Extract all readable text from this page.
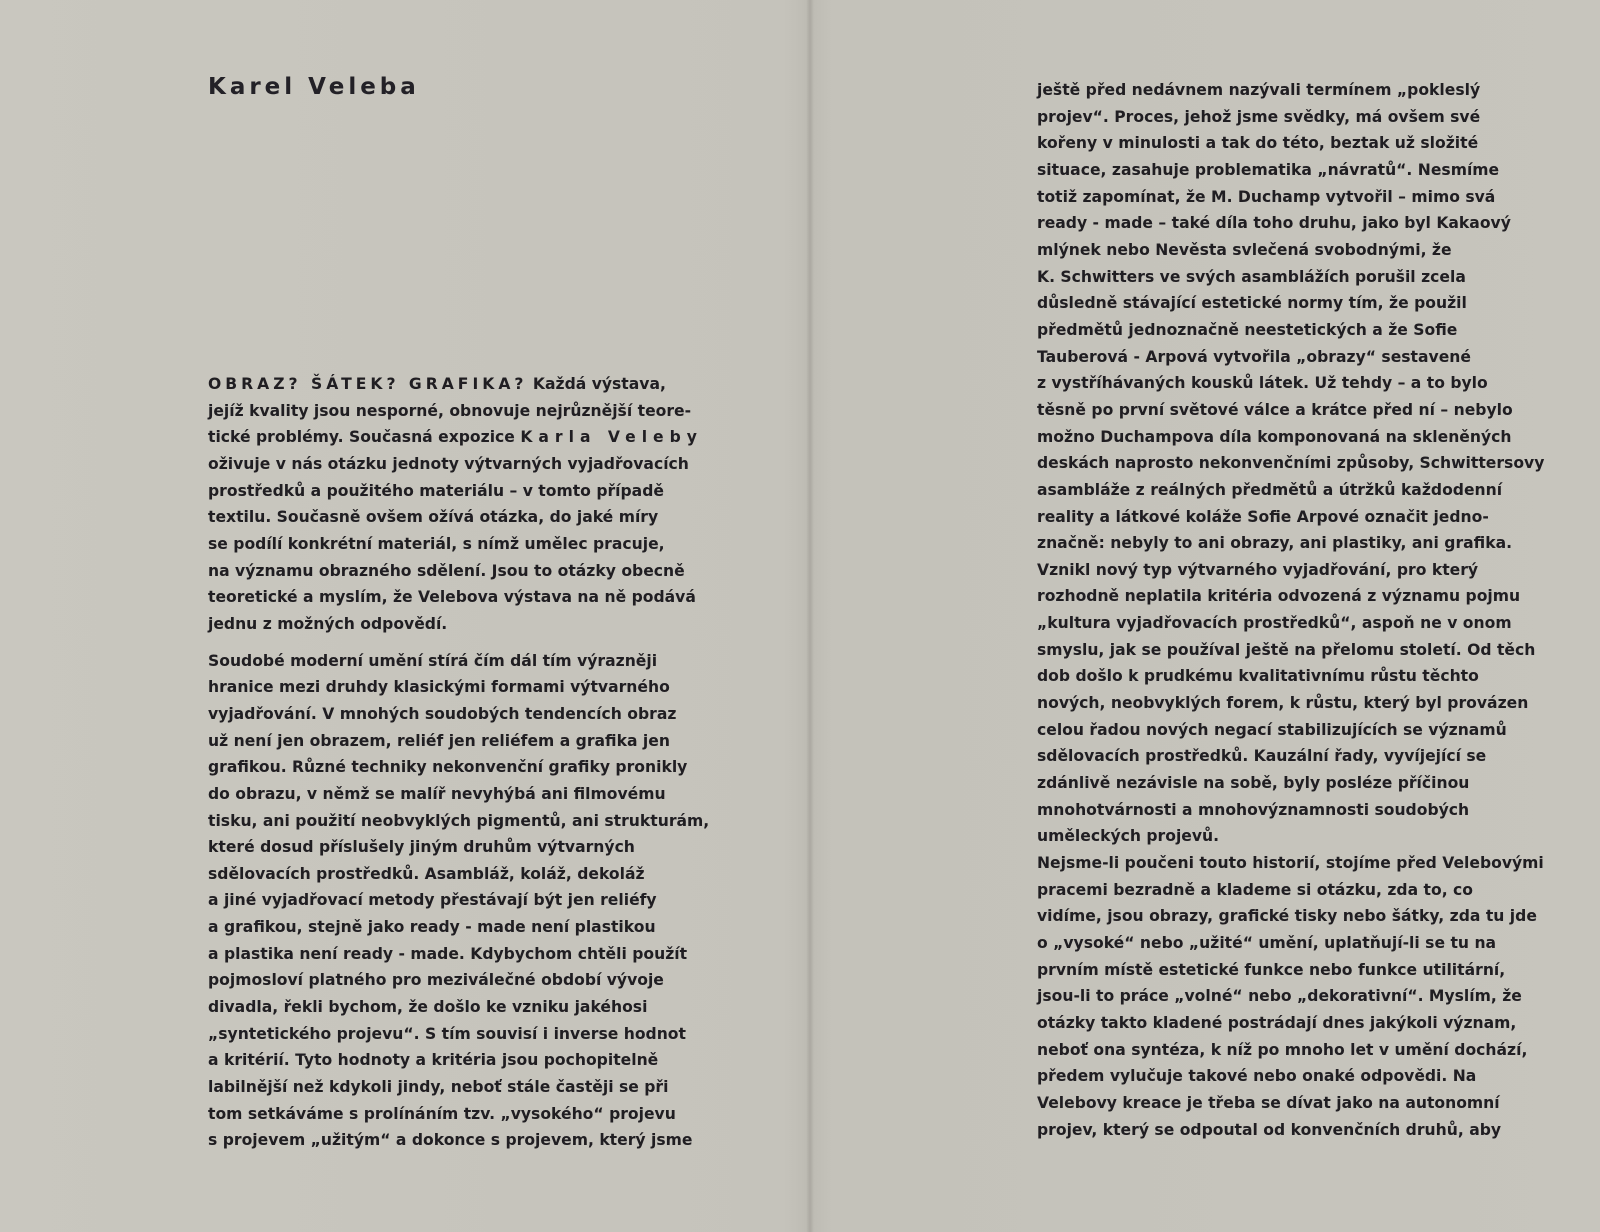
Karel Veleba

OBRAZ? ŠÁTEK? GRAFIKA? Každá výstava,
jejíž kvality jsou nesporné, obnovuje nejrůznější teore-
tické problémy. Současná expozice Karla Veleby
oživuje v nás otázku jednoty výtvarných vyjadřovacích
prostředků a použitého materiálu – v tomto případě
textilu. Současně ovšem ožívá otázka, do jaké míry
se podílí konkrétní materiál, s nímž umělec pracuje,
na významu obrazného sdělení. Jsou to otázky obecně
teoretické a myslím, že Velebova výstava na ně podává
jednu z možných odpovědí.

Soudobé moderní umění stírá čím dál tím výrazněji
hranice mezi druhdy klasickými formami výtvarného
vyjadřování. V mnohých soudobých tendencích obraz
už není jen obrazem, reliéf jen reliéfem a grafika jen
grafikou. Různé techniky nekonvenční grafiky pronikly
do obrazu, v němž se malíř nevyhýbá ani filmovému
tisku, ani použití neobvyklých pigmentů, ani strukturám,
které dosud příslušely jiným druhům výtvarných
sdělovacích prostředků. Asambláž, koláž, dekoláž
a jiné vyjadřovací metody přestávají být jen reliéfy
a grafikou, stejně jako ready - made není plastikou
a plastika není ready - made. Kdybychom chtěli použít
pojmosloví platného pro meziválečné období vývoje
divadla, řekli bychom, že došlo ke vzniku jakéhosi
„syntetického projevu“. S tím souvisí i inverse hodnot
a kritérií. Tyto hodnoty a kritéria jsou pochopitelně
labilnější než kdykoli jindy, neboť stále častěji se při
tom setkáváme s prolínáním tzv. „vysokého“ projevu
s projevem „užitým“ a dokonce s projevem, který jsme

ještě před nedávnem nazývali termínem „pokleslý
projev“. Proces, jehož jsme svědky, má ovšem své
kořeny v minulosti a tak do této, beztak už složité
situace, zasahuje problematika „návratů“. Nesmíme
totiž zapomínat, že M. Duchamp vytvořil – mimo svá
ready - made – také díla toho druhu, jako byl Kakaový
mlýnek nebo Nevěsta svlečená svobodnými, že
K. Schwitters ve svých asamblážích porušil zcela
důsledně stávající estetické normy tím, že použil
předmětů jednoznačně neestetických a že Sofie
Tauberová - Arpová vytvořila „obrazy“ sestavené
z vystříhávaných kousků látek. Už tehdy – a to bylo
těsně po první světové válce a krátce před ní – nebylo
možno Duchampova díla komponovaná na skleněných
deskách naprosto nekonvenčními způsoby, Schwittersovy
asambláže z reálných předmětů a útržků každodenní
reality a látkové koláže Sofie Arpové označit jedno-
značně: nebyly to ani obrazy, ani plastiky, ani grafika.
Vznikl nový typ výtvarného vyjadřování, pro který
rozhodně neplatila kritéria odvozená z významu pojmu
„kultura vyjadřovacích prostředků“, aspoň ne v onom
smyslu, jak se používal ještě na přelomu století. Od těch
dob došlo k prudkému kvalitativnímu růstu těchto
nových, neobvyklých forem, k růstu, který byl provázen
celou řadou nových negací stabilizujících se významů
sdělovacích prostředků. Kauzální řady, vyvíjející se
zdánlivě nezávisle na sobě, byly posléze příčinou
mnohotvárnosti a mnohovýznamnosti soudobých
uměleckých projevů.

Nejsme-li poučeni touto historií, stojíme před Velebovými
pracemi bezradně a klademe si otázku, zda to, co
vidíme, jsou obrazy, grafické tisky nebo šátky, zda tu jde
o „vysoké“ nebo „užité“ umění, uplatňují-li se tu na
prvním místě estetické funkce nebo funkce utilitární,
jsou-li to práce „volné“ nebo „dekorativní“. Myslím, že
otázky takto kladené postrádají dnes jakýkoli význam,
neboť ona syntéza, k níž po mnoho let v umění dochází,
předem vylučuje takové nebo onaké odpovědi. Na
Velebovy kreace je třeba se dívat jako na autonomní
projev, který se odpoutal od konvenčních druhů, aby
